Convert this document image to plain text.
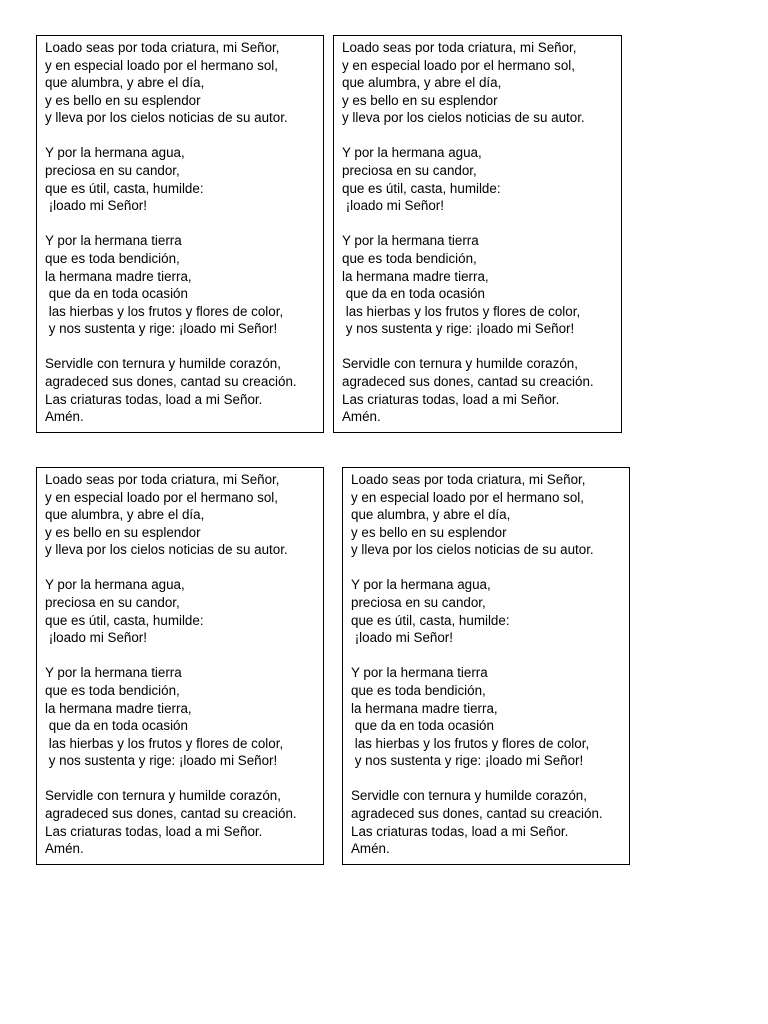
Loado seas por toda criatura, mi Señor,
y en especial loado por el hermano sol,
que alumbra, y abre el día,
y es bello en su esplendor
y lleva por los cielos noticias de su autor.
Y por la hermana agua,
preciosa en su candor,
que es útil, casta, humilde:
¡loado mi Señor!
Y por la hermana tierra
que es toda bendición,
la hermana madre tierra,
que da en toda ocasión
las hierbas y los frutos y flores de color,
y nos sustenta y rige: ¡loado mi Señor!
Servidle con ternura y humilde corazón,
agradeced sus dones, cantad su creación.
Las criaturas todas, load a mi Señor.
Amén.
Loado seas por toda criatura, mi Señor,
y en especial loado por el hermano sol,
que alumbra, y abre el día,
y es bello en su esplendor
y lleva por los cielos noticias de su autor.
Y por la hermana agua,
preciosa en su candor,
que es útil, casta, humilde:
¡loado mi Señor!
Y por la hermana tierra
que es toda bendición,
la hermana madre tierra,
que da en toda ocasión
las hierbas y los frutos y flores de color,
y nos sustenta y rige: ¡loado mi Señor!
Servidle con ternura y humilde corazón,
agradeced sus dones, cantad su creación.
Las criaturas todas, load a mi Señor.
Amén.
Loado seas por toda criatura, mi Señor,
y en especial loado por el hermano sol,
que alumbra, y abre el día,
y es bello en su esplendor
y lleva por los cielos noticias de su autor.
Y por la hermana agua,
preciosa en su candor,
que es útil, casta, humilde:
¡loado mi Señor!
Y por la hermana tierra
que es toda bendición,
la hermana madre tierra,
que da en toda ocasión
las hierbas y los frutos y flores de color,
y nos sustenta y rige: ¡loado mi Señor!
Servidle con ternura y humilde corazón,
agradeced sus dones, cantad su creación.
Las criaturas todas, load a mi Señor.
Amén.
Loado seas por toda criatura, mi Señor,
y en especial loado por el hermano sol,
que alumbra, y abre el día,
y es bello en su esplendor
y lleva por los cielos noticias de su autor.
Y por la hermana agua,
preciosa en su candor,
que es útil, casta, humilde:
¡loado mi Señor!
Y por la hermana tierra
que es toda bendición,
la hermana madre tierra,
que da en toda ocasión
las hierbas y los frutos y flores de color,
y nos sustenta y rige: ¡loado mi Señor!
Servidle con ternura y humilde corazón,
agradeced sus dones, cantad su creación.
Las criaturas todas, load a mi Señor.
Amén.
